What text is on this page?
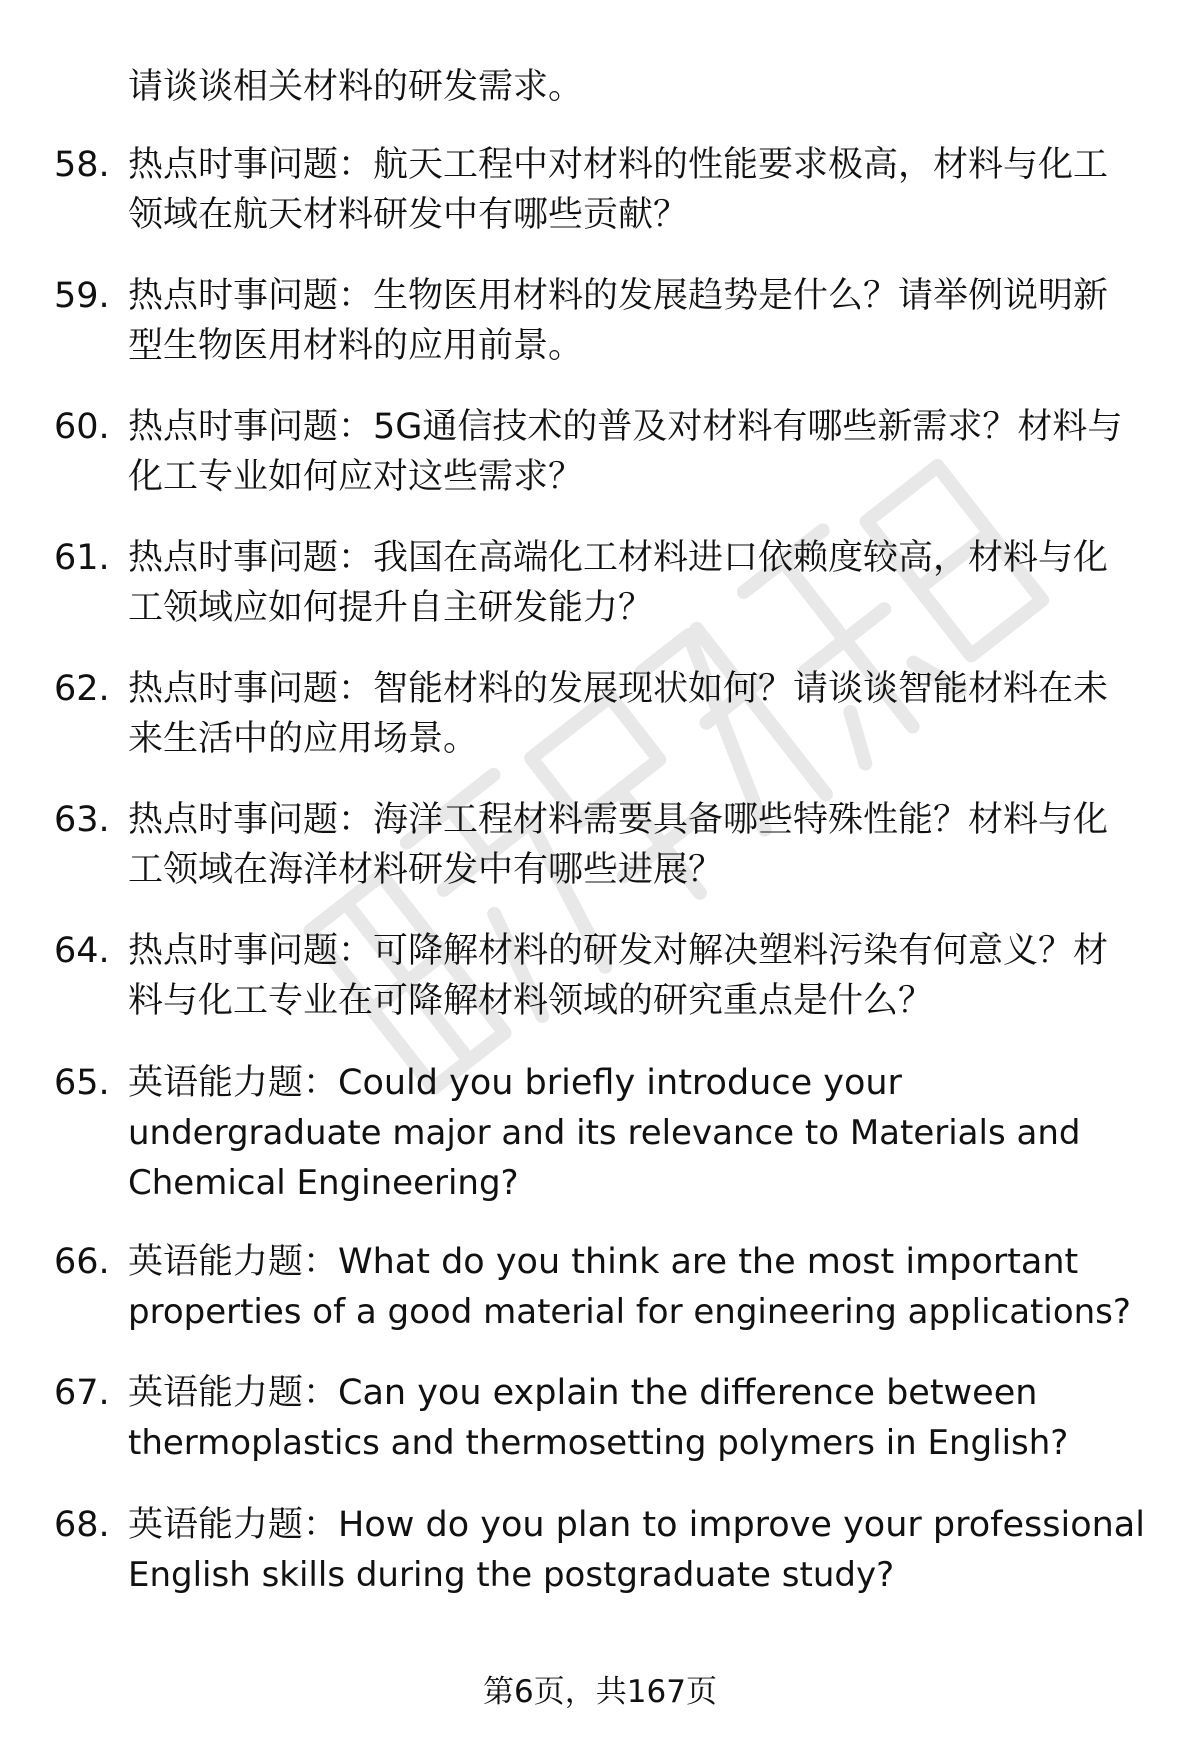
请谈谈相关材料的研发需求。
58. 热点时事问题：航天工程中对材料的性能要求极高，材料与化工
领域在航天材料研发中有哪些贡献？
59. 热点时事问题：生物医用材料的发展趋势是什么？请举例说明新
型生物医用材料的应用前景。
60. 热点时事问题：5G通信技术的普及对材料有哪些新需求？材料与
化工专业如何应对这些需求？
61. 热点时事问题：我国在高端化工材料进口依赖度较高，材料与化
工领域应如何提升自主研发能力？
62. 热点时事问题：智能材料的发展现状如何？请谈谈智能材料在未
来生活中的应用场景。
63. 热点时事问题：海洋工程材料需要具备哪些特殊性能？材料与化
工领域在海洋材料研发中有哪些进展？
64. 热点时事问题：可降解材料的研发对解决塑料污染有何意义？材
料与化工专业在可降解材料领域的研究重点是什么？
65. 英语能力题：Could you briefly introduce your
undergraduate major and its relevance to Materials and
Chemical Engineering?
66. 英语能力题：What do you think are the most important
properties of a good material for engineering applications?
67. 英语能力题：Can you explain the difference between
thermoplastics and thermosetting polymers in English?
68. 英语能力题：How do you plan to improve your professional
English skills during the postgraduate study?
第6页，共167页
